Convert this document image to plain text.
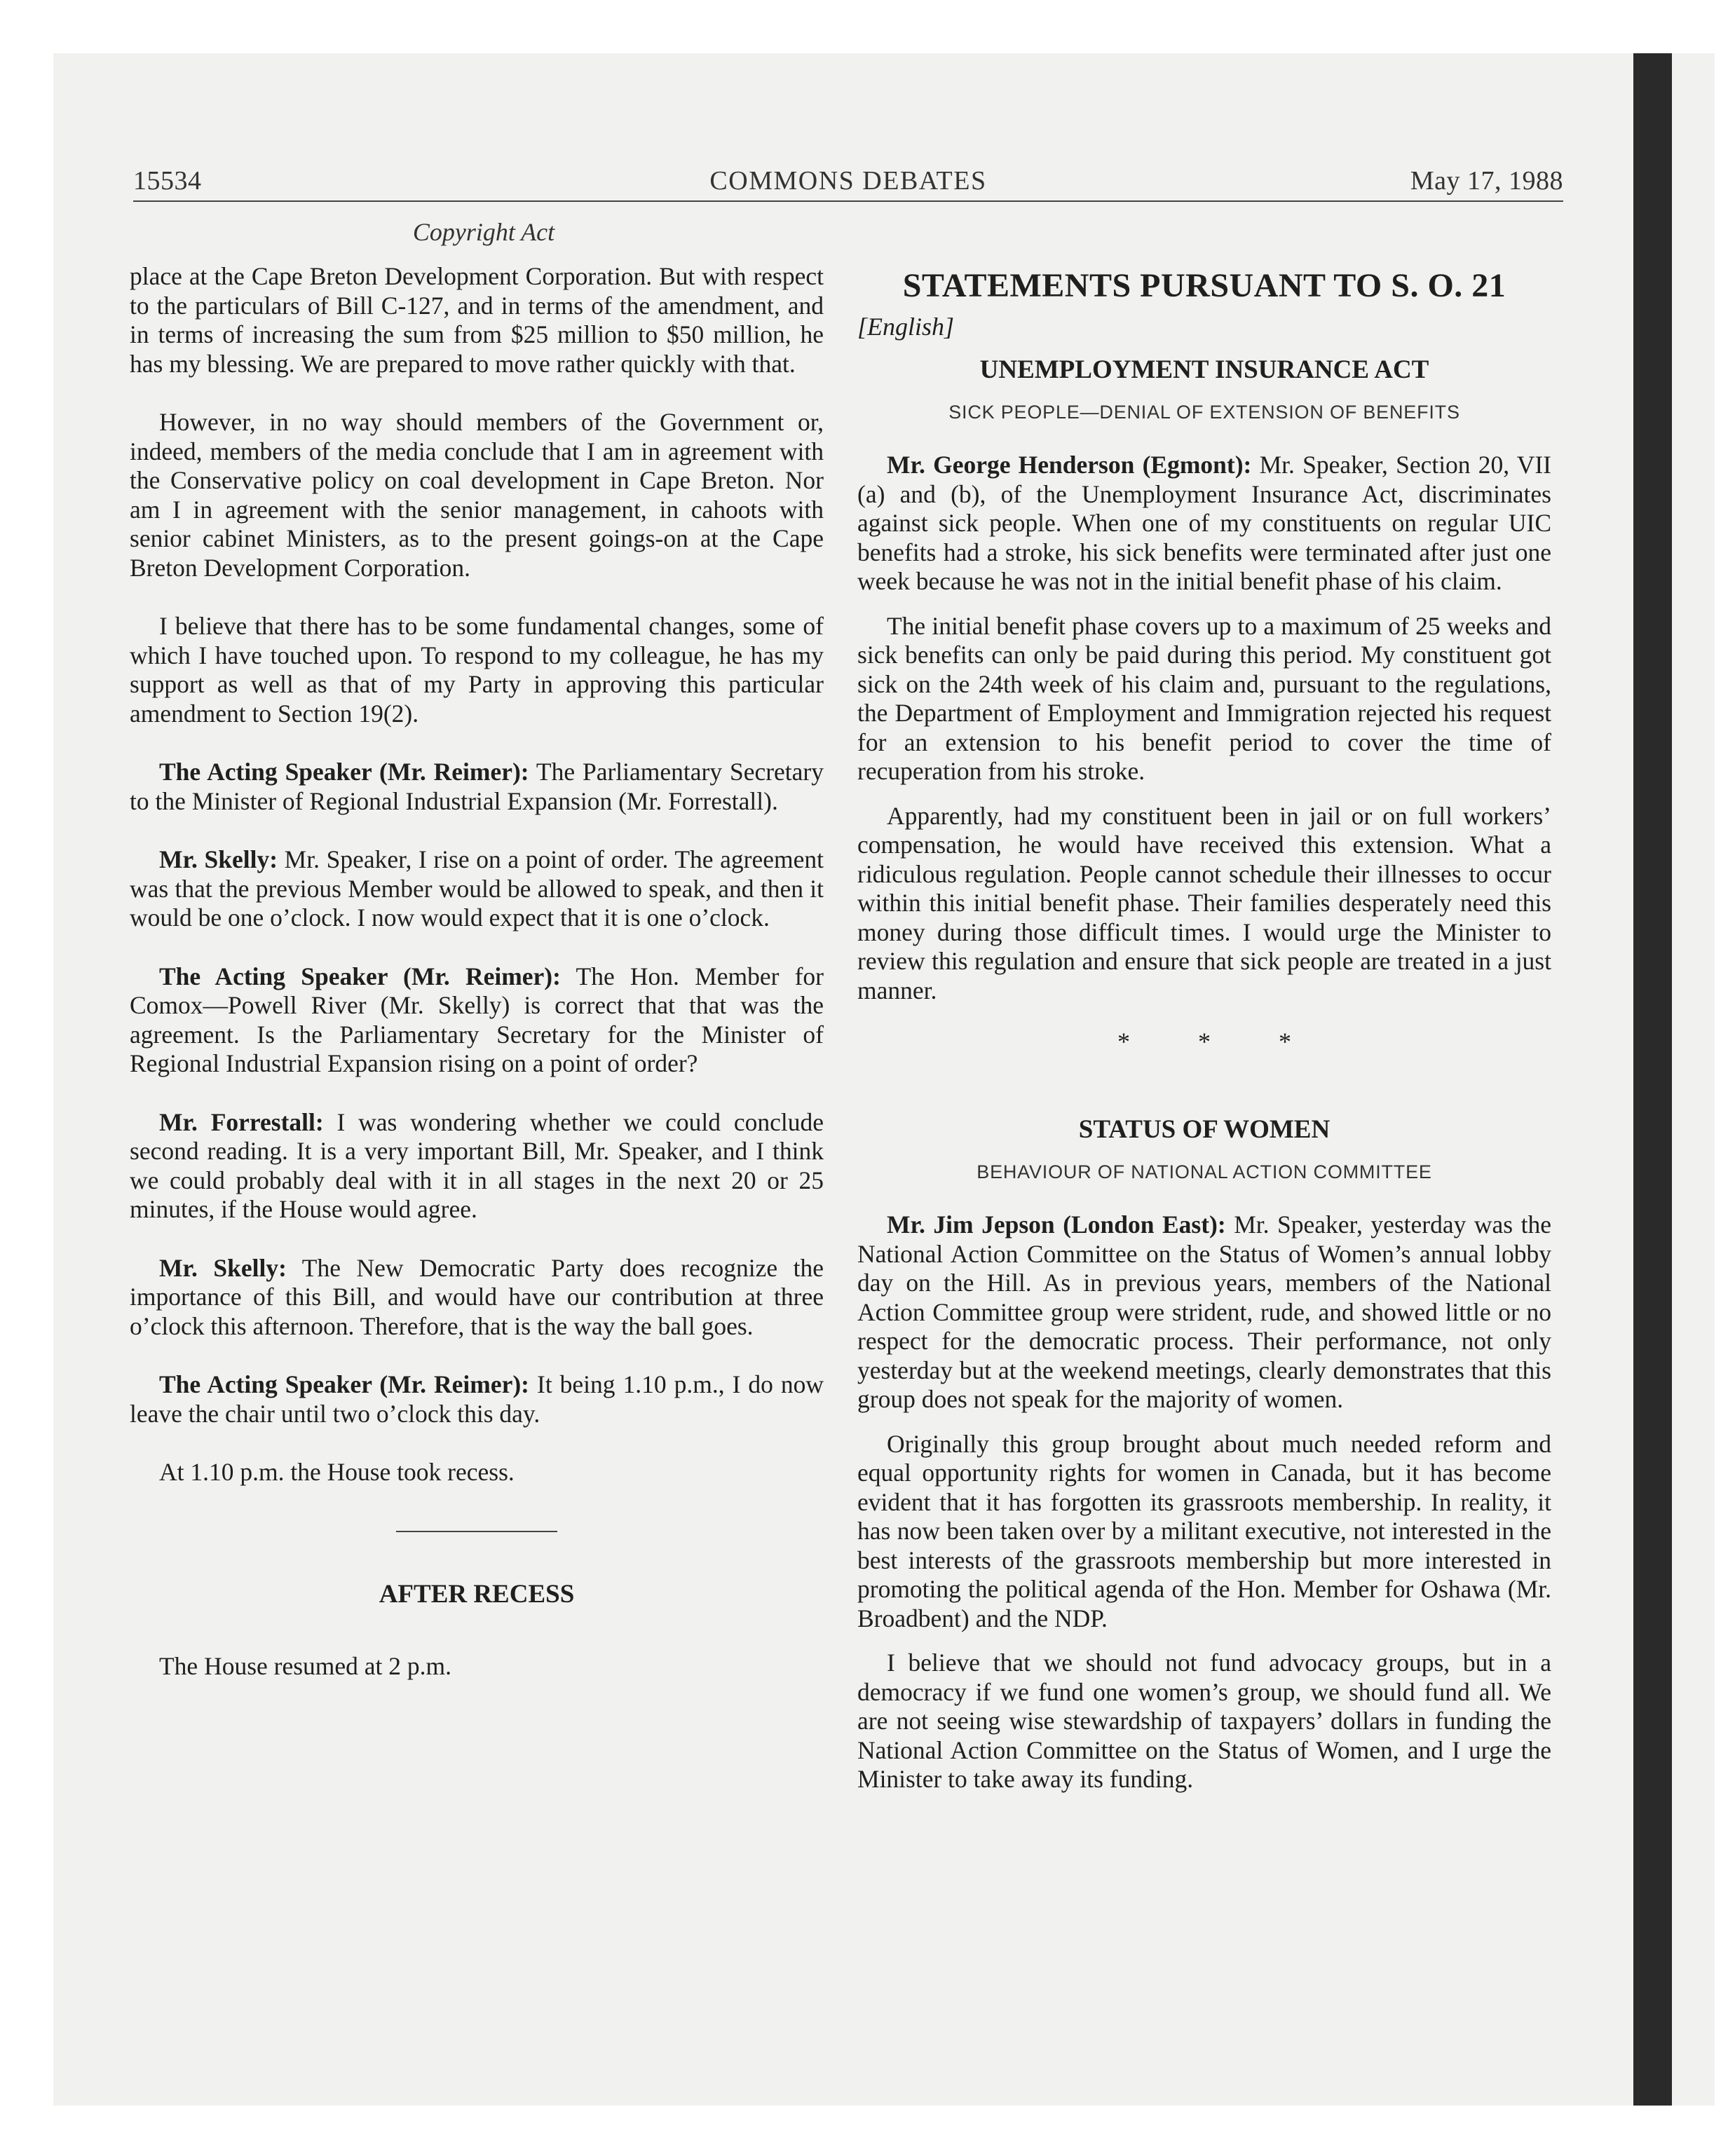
15534	COMMONS DEBATES	May 17, 1988
Copyright Act

place at the Cape Breton Development Corporation. But with respect to the particulars of Bill C-127, and in terms of the amendment, and in terms of increasing the sum from $25 million to $50 million, he has my blessing. We are prepared to move rather quickly with that.

However, in no way should members of the Government or, indeed, members of the media conclude that I am in agreement with the Conservative policy on coal development in Cape Breton. Nor am I in agreement with the senior management, in cahoots with senior cabinet Ministers, as to the present goings-on at the Cape Breton Development Corporation.

I believe that there has to be some fundamental changes, some of which I have touched upon. To respond to my colleague, he has my support as well as that of my Party in approving this particular amendment to Section 19(2).

The Acting Speaker (Mr. Reimer): The Parliamentary Secretary to the Minister of Regional Industrial Expansion (Mr. Forrestall).

Mr. Skelly: Mr. Speaker, I rise on a point of order. The agreement was that the previous Member would be allowed to speak, and then it would be one o’clock. I now would expect that it is one o’clock.

The Acting Speaker (Mr. Reimer): The Hon. Member for Comox—Powell River (Mr. Skelly) is correct that that was the agreement. Is the Parliamentary Secretary for the Minister of Regional Industrial Expansion rising on a point of order?

Mr. Forrestall: I was wondering whether we could conclude second reading. It is a very important Bill, Mr. Speaker, and I think we could probably deal with it in all stages in the next 20 or 25 minutes, if the House would agree.

Mr. Skelly: The New Democratic Party does recognize the importance of this Bill, and would have our contribution at three o’clock this afternoon. Therefore, that is the way the ball goes.

The Acting Speaker (Mr. Reimer): It being 1.10 p.m., I do now leave the chair until two o’clock this day.

At 1.10 p.m. the House took recess.

AFTER RECESS

The House resumed at 2 p.m.

STATEMENTS PURSUANT TO S. O. 21
[English]
UNEMPLOYMENT INSURANCE ACT
SICK PEOPLE—DENIAL OF EXTENSION OF BENEFITS

Mr. George Henderson (Egmont): Mr. Speaker, Section 20, VII (a) and (b), of the Unemployment Insurance Act, discriminates against sick people. When one of my constituents on regular UIC benefits had a stroke, his sick benefits were terminated after just one week because he was not in the initial benefit phase of his claim.

The initial benefit phase covers up to a maximum of 25 weeks and sick benefits can only be paid during this period. My constituent got sick on the 24th week of his claim and, pursuant to the regulations, the Department of Employment and Immigration rejected his request for an extension to his benefit period to cover the time of recuperation from his stroke.

Apparently, had my constituent been in jail or on full workers’ compensation, he would have received this extension. What a ridiculous regulation. People cannot schedule their illnesses to occur within this initial benefit phase. Their families desperately need this money during those difficult times. I would urge the Minister to review this regulation and ensure that sick people are treated in a just manner.

* * *
STATUS OF WOMEN
BEHAVIOUR OF NATIONAL ACTION COMMITTEE

Mr. Jim Jepson (London East): Mr. Speaker, yesterday was the National Action Committee on the Status of Women’s annual lobby day on the Hill. As in previous years, members of the National Action Committee group were strident, rude, and showed little or no respect for the democratic process. Their performance, not only yesterday but at the weekend meetings, clearly demonstrates that this group does not speak for the majority of women.

Originally this group brought about much needed reform and equal opportunity rights for women in Canada, but it has become evident that it has forgotten its grassroots membership. In reality, it has now been taken over by a militant executive, not interested in the best interests of the grassroots membership but more interested in promoting the political agenda of the Hon. Member for Oshawa (Mr. Broadbent) and the NDP.

I believe that we should not fund advocacy groups, but in a democracy if we fund one women’s group, we should fund all. We are not seeing wise stewardship of taxpayers’ dollars in funding the National Action Committee on the Status of Women, and I urge the Minister to take away its funding.
